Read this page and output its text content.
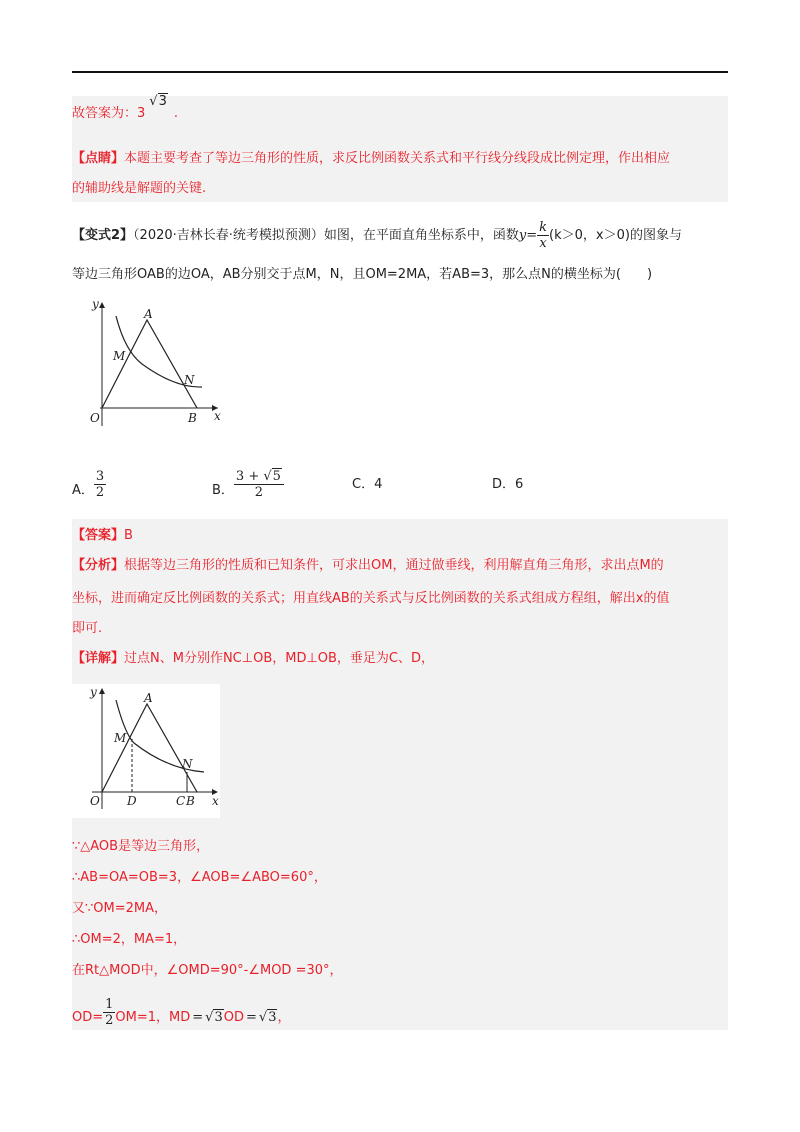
故答案为：3√3.
【点睛】本题主要考查了等边三角形的性质，求反比例函数关系式和平行线分线段成比例定理，作出相应
的辅助线是解题的关键.
【变式2】（2020·吉林长春·统考模拟预测）如图，在平面直角坐标系中，函数$y= \frac{k}{x} (k>0$，x＞0)的图象与
等边三角形OAB的边OA，AB分别交于点M，N，且OM=2MA，若AB=3，那么点N的横坐标为(　　)
y
x
O
A
M
N
B
A． $\frac{3}{2}$	B． $\frac{3 + √5}{2}$	C．4	D．6
【答案】B
【分析】根据等边三角形的性质和已知条件，可求出OM，通过做垂线，利用解直角三角形，求出点M的
坐标，进而确定反比例函数的关系式；用直线AB的关系式与反比例函数的关系式组成方程组，解出x的值
即可.
【详解】过点N、M分别作NC⊥OB，MD⊥OB，垂足为C、D，
y
x
O
A
M
N
D	C B
∵△AOB是等边三角形，
∴AB=OA=OB=3，∠AOB=∠ABO=60°，
又∵OM=2MA，
∴OM=2，MA=1，
在Rt△MOD中，∠OMD=90°-∠MOD =30°，
$OD= \frac{1}{2} OM=1$，MD = √3OD = √3，
